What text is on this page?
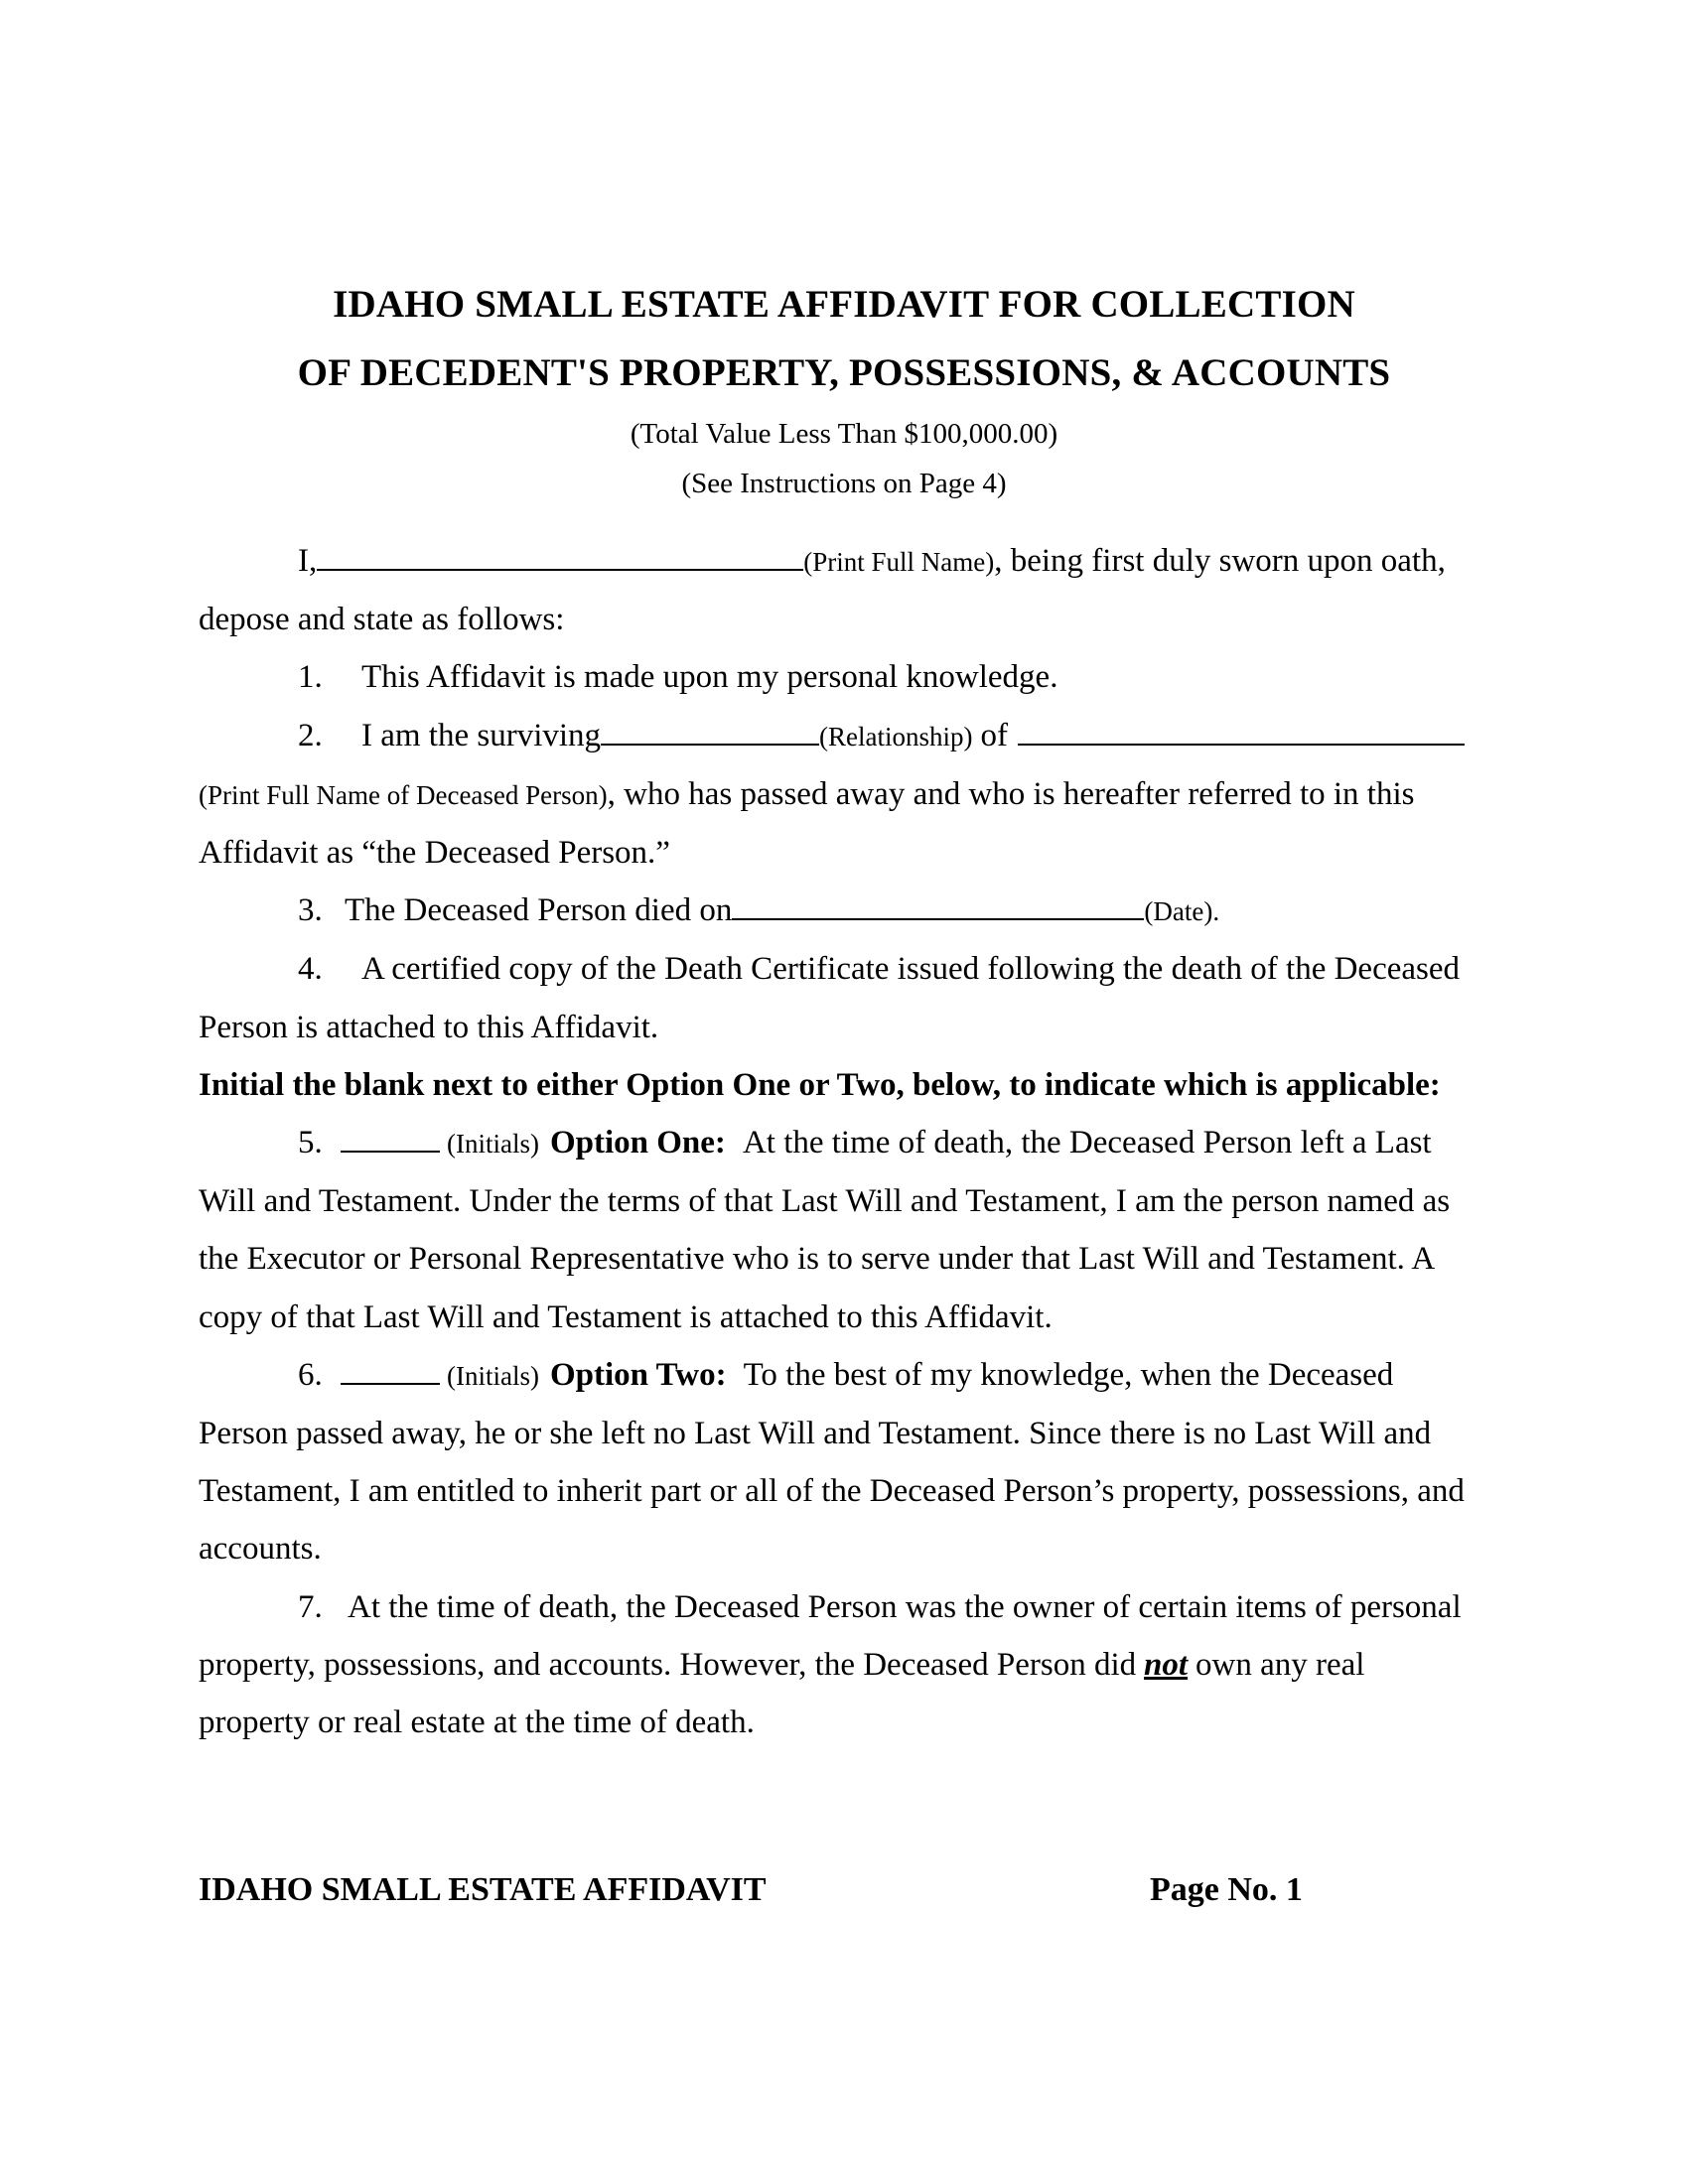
IDAHO SMALL ESTATE AFFIDAVIT FOR COLLECTION
OF DECEDENT'S PROPERTY, POSSESSIONS, & ACCOUNTS
(Total Value Less Than $100,000.00)
(See Instructions on Page 4)
I,	(Print Full Name), being first duly sworn upon oath,
depose and state as follows:
1. This Affidavit is made upon my personal knowledge.
2. I am the surviving	(Relationship) of
(Print Full Name of Deceased Person), who has passed away and who is hereafter referred to in this
Affidavit as “the Deceased Person.”
3. The Deceased Person died on	(Date).
4. A certified copy of the Death Certificate issued following the death of the Deceased
Person is attached to this Affidavit.
Initial the blank next to either Option One or Two, below, to indicate which is applicable:
5.	(Initials) Option One: At the time of death, the Deceased Person left a Last
Will and Testament. Under the terms of that Last Will and Testament, I am the person named as
the Executor or Personal Representative who is to serve under that Last Will and Testament. A
copy of that Last Will and Testament is attached to this Affidavit.
6.	(Initials) Option Two: To the best of my knowledge, when the Deceased
Person passed away, he or she left no Last Will and Testament. Since there is no Last Will and
Testament, I am entitled to inherit part or all of the Deceased Person’s property, possessions, and
accounts.
7. At the time of death, the Deceased Person was the owner of certain items of personal
property, possessions, and accounts. However, the Deceased Person did not own any real
property or real estate at the time of death.
IDAHO SMALL ESTATE AFFIDAVIT	Page No. 1
